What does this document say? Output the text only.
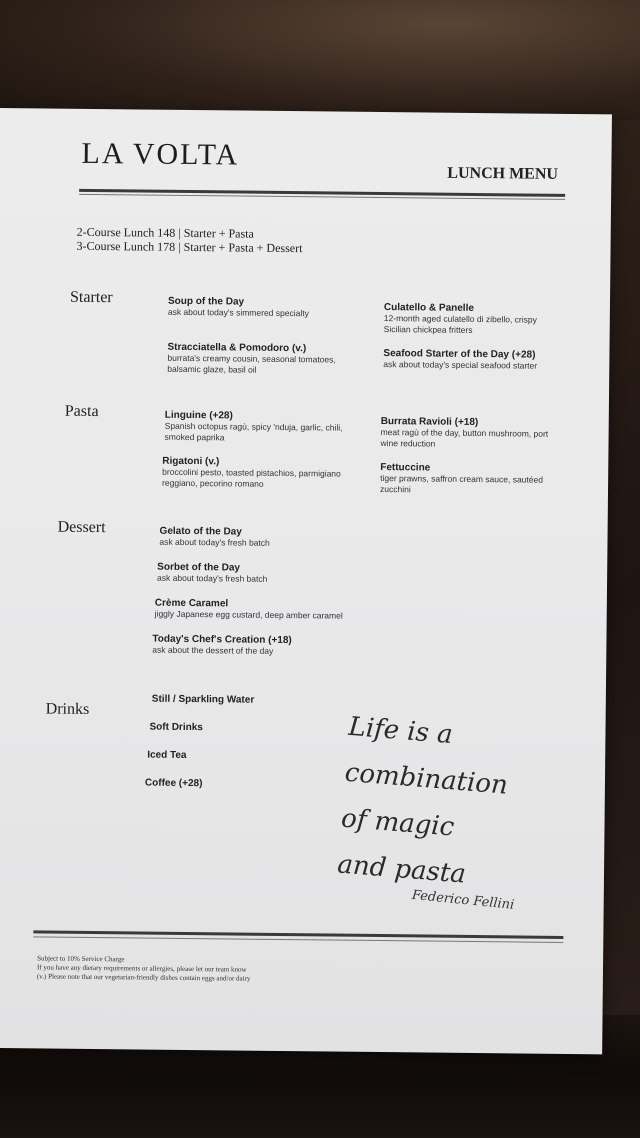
LA VOLTA
LUNCH MENU
2-Course Lunch 148 | Starter + Pasta
3-Course Lunch 178 | Starter + Pasta + Dessert
Starter	Soup of the Day
ask about today's simmered specialty
Stracciatella & Pomodoro (v.)
burrata's creamy cousin, seasonal tomatoes, balsamic glaze, basil oil
Culatello & Panelle
12-month aged culatello di zibello, crispy Sicilian chickpea fritters
Seafood Starter of the Day (+28)
ask about today's special seafood starter
Pasta	Linguine (+28)
Spanish octopus ragù, spicy 'nduja, garlic, chili, smoked paprika
Rigatoni (v.)
broccolini pesto, toasted pistachios, parmigiano reggiano, pecorino romano
Burrata Ravioli (+18)
meat ragù of the day, button mushroom, port wine reduction
Fettuccine
tiger prawns, saffron cream sauce, sautéed zucchini
Dessert	Gelato of the Day
ask about today's fresh batch
Sorbet of the Day
ask about today's fresh batch
Crème Caramel
jiggly Japanese egg custard, deep amber caramel
Today's Chef's Creation (+18)
ask about the dessert of the day
Drinks
Still / Sparkling Water
Soft Drinks
Iced Tea
Coffee (+28)
Life is a
combination
of magic
and pasta
Federico Fellini
Subject to 10% Service Charge
If you have any dietary requirements or allergies, please let our team know
(v.) Please note that our vegetarian-friendly dishes contain eggs and/or dairy
